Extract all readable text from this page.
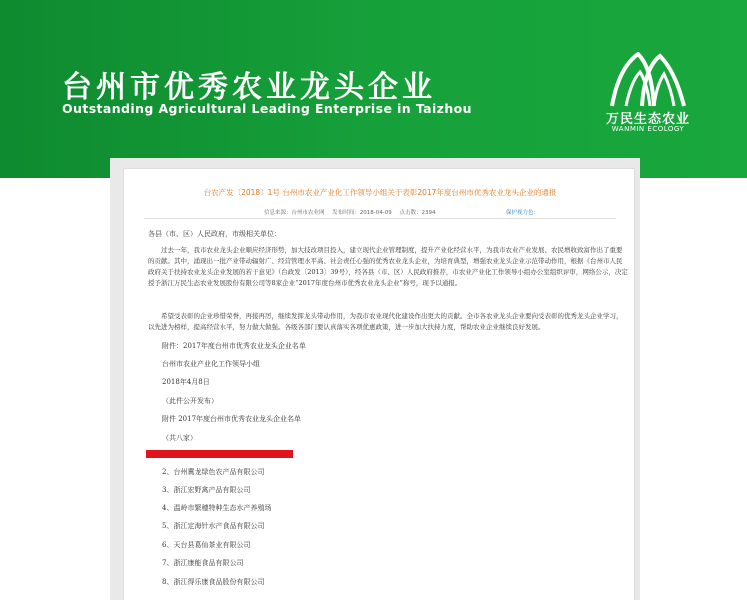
台州市优秀农业龙头企业
Outstanding Agricultural Leading Enterprise in Taizhou
万民生态农业
WANMIN ECOLOGY
台农产发〔2018〕1号 台州市农业产业化工作领导小组关于表彰2017年度台州市优秀农业龙头企业的通报
信息来源：台州市农业网 发布时间：2018-04-09 点击数：2394	保护视力色：
各县（市、区）人民政府，市级相关单位：
过去一年，我市农业龙头企业顺应经济形势，加大技改项目投入，建立现代企业管理制度，提升产业化经营水平，为我市农业产业发展、农民增收致富作出了重要的贡献。其中，涌现出一批产业带动辐射广、经营管理水平高、社会责任心强的优秀农业龙头企业，为培育典型，增强农业龙头企业示范带动作用，根据《台州市人民政府关于扶持农业龙头企业发展的若干意见》（台政发〔2013〕39号），经各县（市、区）人民政府推荐，市农业产业化工作领导小组办公室组织评审，网络公示，决定授予浙江万民生态农业发展股份有限公司等8家企业“2017年度台州市优秀农业龙头企业”称号，现予以通报。
希望受表彰的企业珍惜荣誉，再接再厉，继续发挥龙头带动作用，为我市农业现代化建设作出更大的贡献。全市各农业龙头企业要向受表彰的优秀龙头企业学习，以先进为榜样，提高经营水平，努力做大做强。各级各部门要认真落实各项优惠政策，进一步加大扶持力度，帮助农业企业继续良好发展。
附件：2017年度台州市优秀农业龙头企业名单
台州市农业产业化工作领导小组
2018年4月8日
（此件公开发布）
附件 2017年度台州市优秀农业龙头企业名单
（共八家）
2、台州冀龙绿色农产品有限公司
3、浙江宏野禽产品有限公司
4、温岭市繁穗特种生态水产养殖场
5、浙江定海针水产食品有限公司
6、天台县葛仙茶业有限公司
7、浙江康能食品有限公司
8、浙江得乐康食品股份有限公司
